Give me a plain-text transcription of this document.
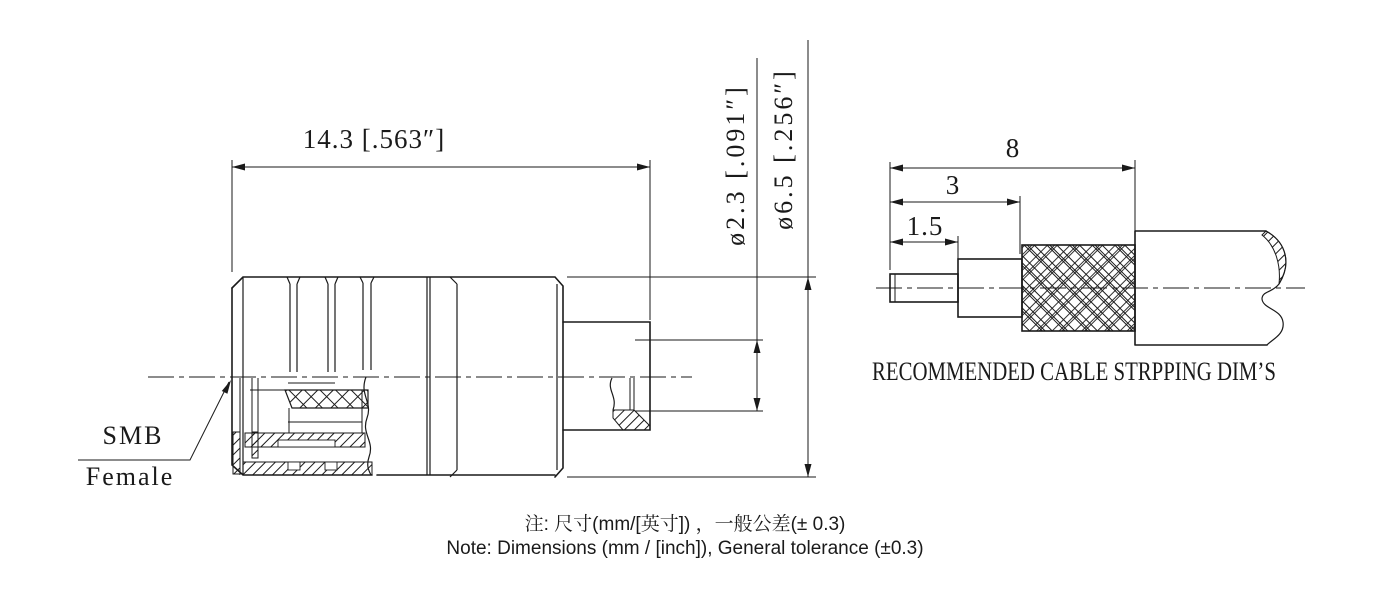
14.3 [.563″]	ø2.3 [.091″] ø6.5 [.256″]
SMB
Female
8
3
1.5
RECOMMENDED CABLE STRPPING DIM’S
注: 尺寸(mm/[英寸]) ，一般公差(± 0.3)
Note: Dimensions (mm / [inch]), General tolerance (±0.3)
